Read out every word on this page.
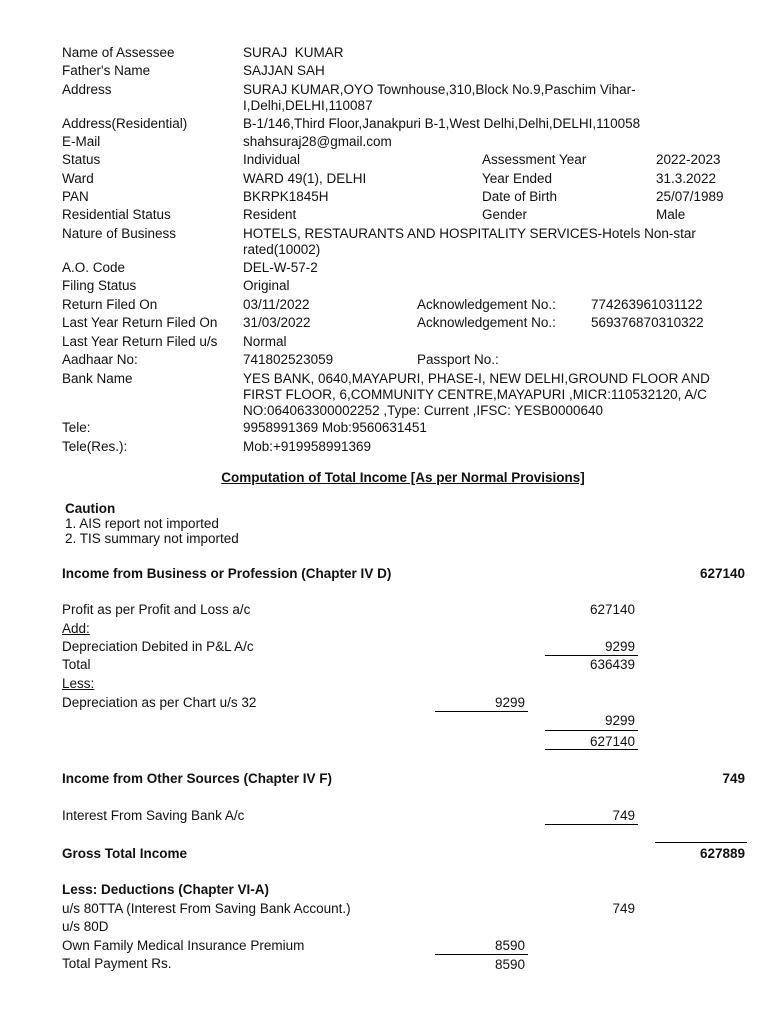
Name of Assessee	SURAJ  KUMAR
Father's Name	SAJJAN SAH
Address	SURAJ KUMAR,OYO Townhouse,310,Block No.9,Paschim Vihar-I,Delhi,DELHI,110087
Address(Residential)	B-1/146,Third Floor,Janakpuri B-1,West Delhi,Delhi,DELHI,110058
E-Mail	shahsuraj28@gmail.com
Status	Individual	Assessment Year	2022-2023
Ward	WARD 49(1), DELHI	Year Ended	31.3.2022
PAN	BKRPK1845H	Date of Birth	25/07/1989
Residential Status	Resident	Gender	Male
Nature of Business	HOTELS, RESTAURANTS AND HOSPITALITY SERVICES-Hotels Non-star rated(10002)
A.O. Code	DEL-W-57-2
Filing Status	Original
Return Filed On	03/11/2022	Acknowledgement No.:	774263961031122
Last Year Return Filed On 31/03/2022	Acknowledgement No.:	569376870310322
Last Year Return Filed u/s Normal
Aadhaar No:	741802523059	Passport No.:
Bank Name	YES BANK, 0640,MAYAPURI, PHASE-I, NEW DELHI,GROUND FLOOR AND FIRST FLOOR, 6,COMMUNITY CENTRE,MAYAPURI ,MICR:110532120, A/C NO:064063300002252 ,Type: Current ,IFSC: YESB0000640
Tele:	9958991369 Mob:9560631451
Tele(Res.):	Mob:+919958991369
Computation of Total Income [As per Normal Provisions]
Caution
1. AIS report not imported
2. TIS summary not imported
Income from Business or Profession (Chapter IV D)	627140
Profit as per Profit and Loss a/c	627140
Add:
Depreciation Debited in P&L A/c	9299
Total	636439
Less:
Depreciation as per Chart u/s 32	9299
9299
627140
Income from Other Sources (Chapter IV F)	749
Interest From Saving Bank A/c	749
Gross Total Income	627889
Less: Deductions (Chapter VI-A)
u/s 80TTA (Interest From Saving Bank Account.)	749
u/s 80D
Own Family Medical Insurance Premium	8590
Total Payment Rs.	8590
